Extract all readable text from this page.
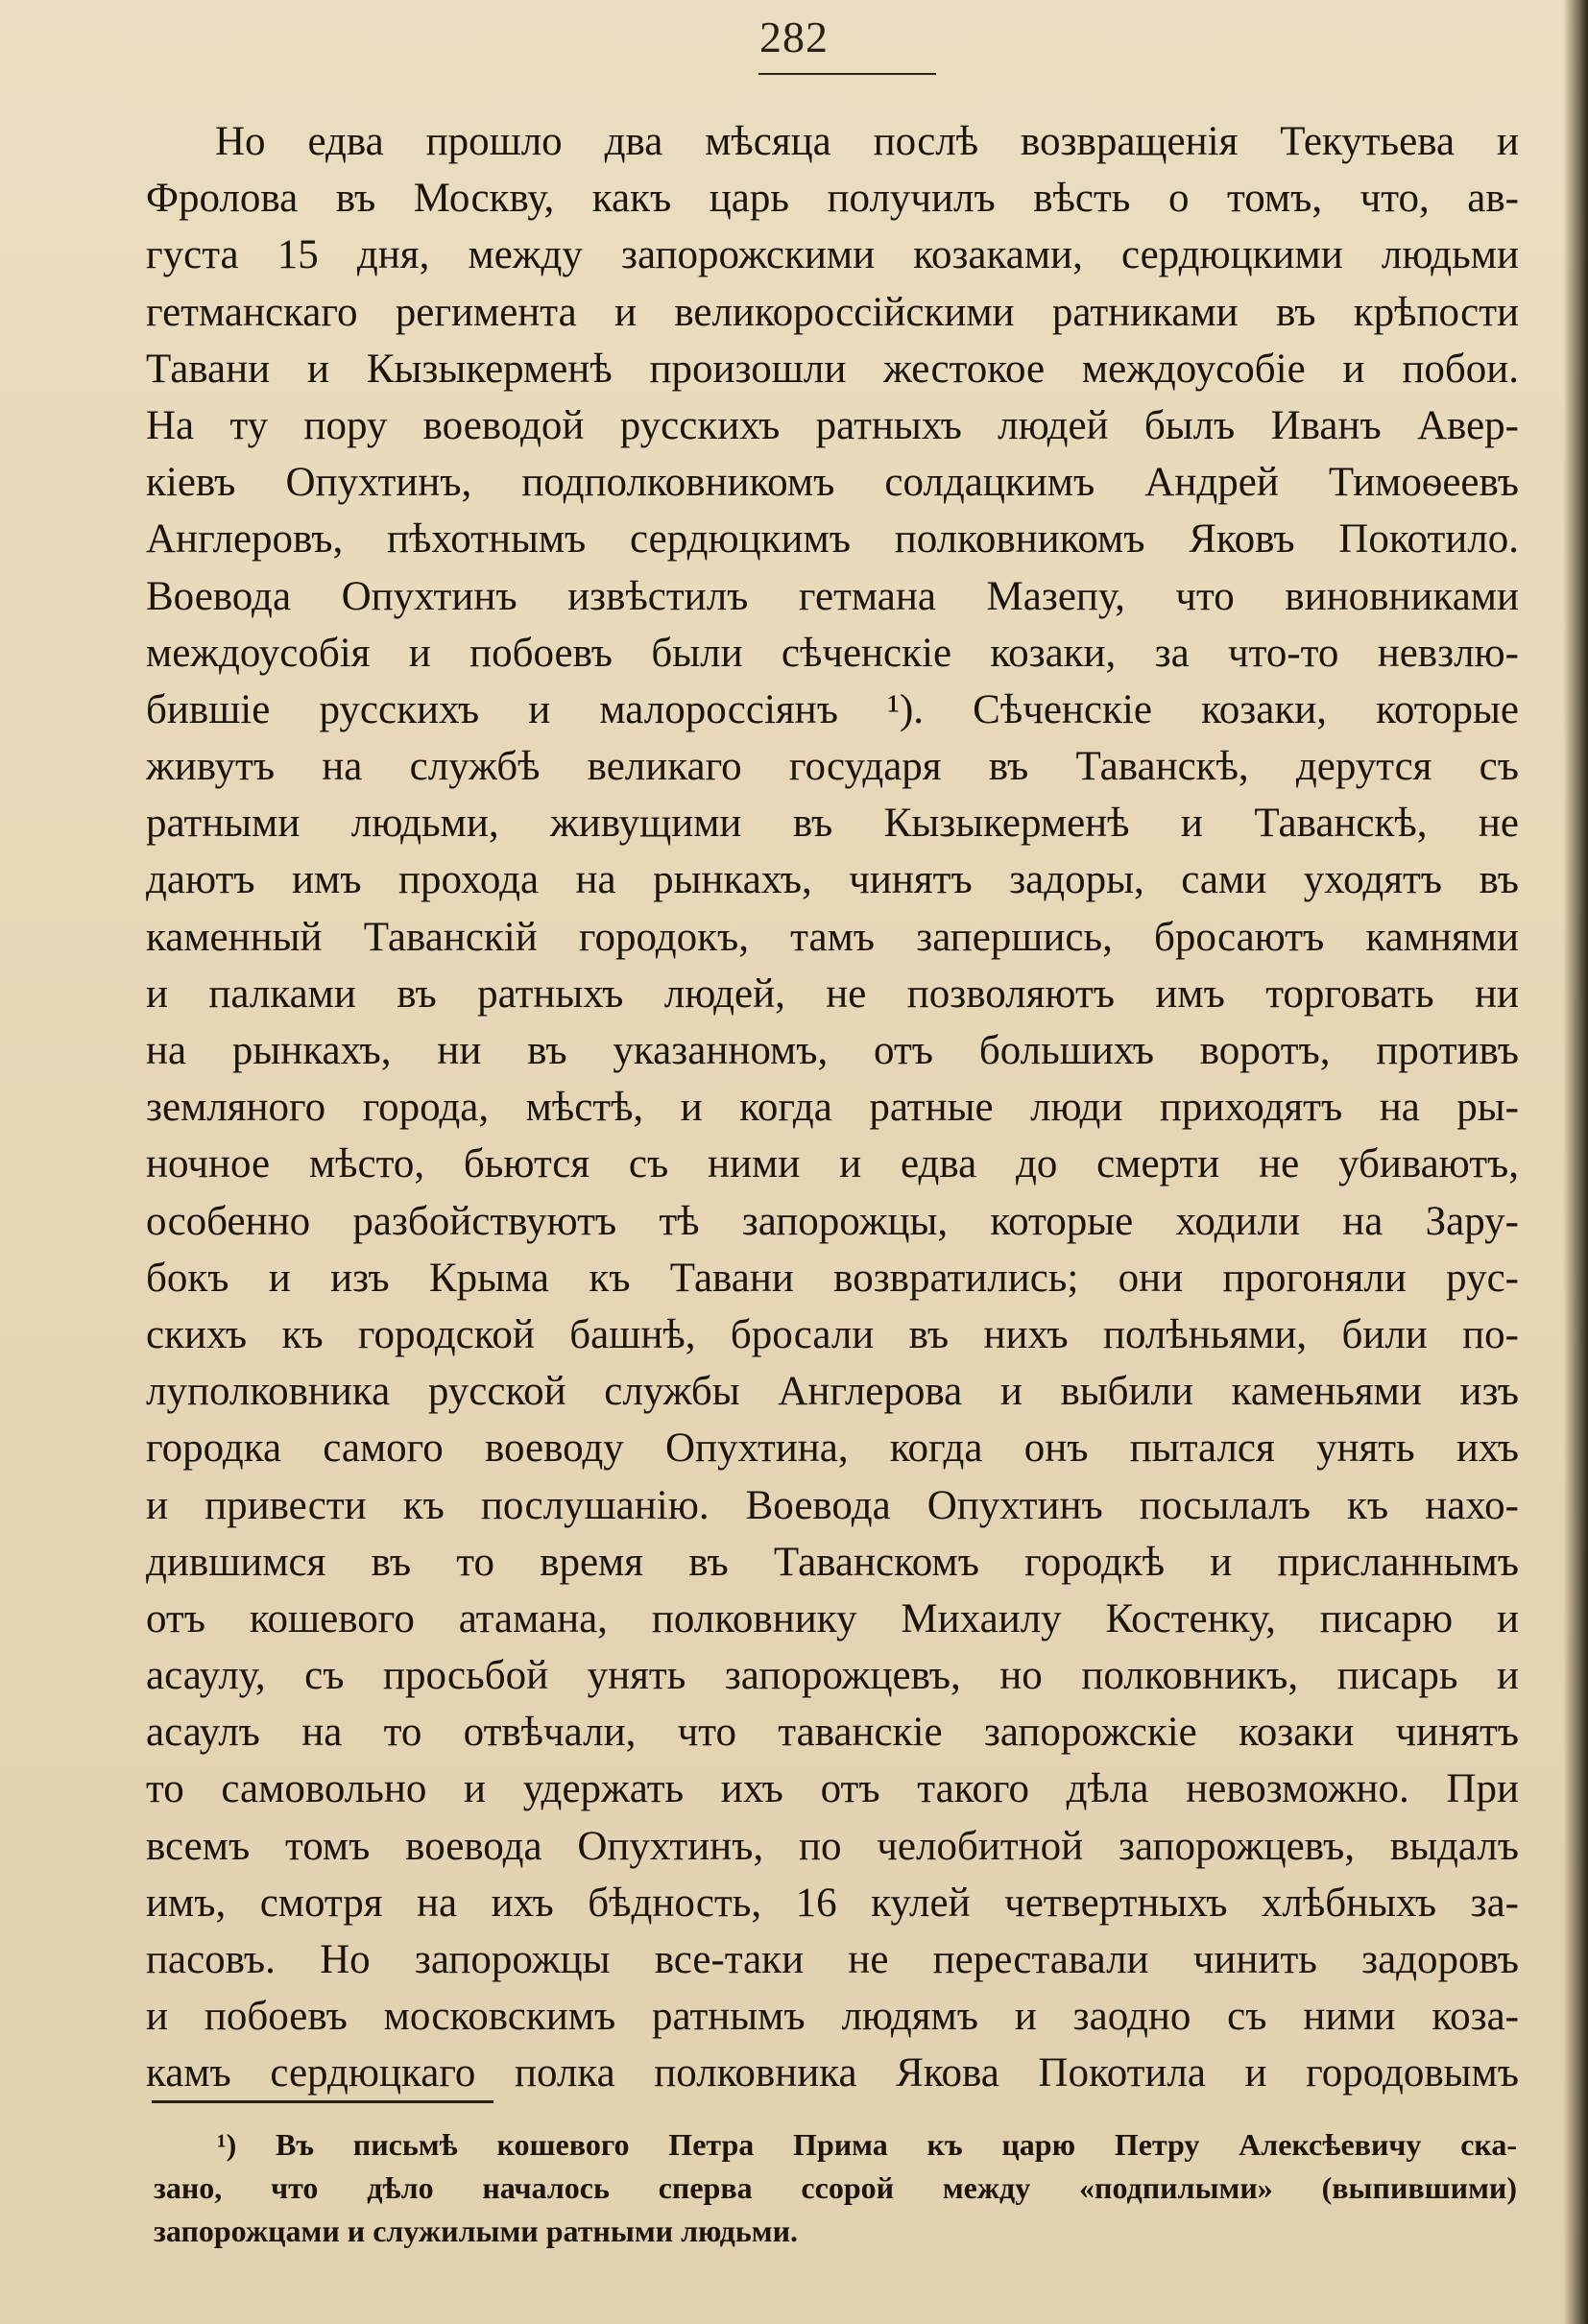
282
Но едва прошло два мѣсяца послѣ возвращенія Текутьева и
Фролова въ Москву, какъ царь получилъ вѣсть о томъ, что, ав-
густа 15 дня, между запорожскими козаками, сердюцкими людьми
гетманскаго регимента и великороссійскими ратниками въ крѣпости
Тавани и Кызыкерменѣ произошли жестокое междоусобіе и побои.
На ту пору воеводой русскихъ ратныхъ людей былъ Иванъ Авер-
кіевъ Опухтинъ, подполковникомъ солдацкимъ Андрей Тимоѳеевъ
Англеровъ, пѣхотнымъ сердюцкимъ полковникомъ Яковъ Покотило.
Воевода Опухтинъ извѣстилъ гетмана Мазепу, что виновниками
междоусобія и побоевъ были сѣченскіе козаки, за что-то невзлю-
бившіе русскихъ и малороссіянъ ¹). Сѣченскіе козаки, которые
живутъ на службѣ великаго государя въ Таванскѣ, дерутся съ
ратными людьми, живущими въ Кызыкерменѣ и Таванскѣ, не
даютъ имъ прохода на рынкахъ, чинятъ задоры, сами уходятъ въ
каменный Таванскій городокъ, тамъ запершись, бросаютъ камнями
и палками въ ратныхъ людей, не позволяютъ имъ торговать ни
на рынкахъ, ни въ указанномъ, отъ большихъ воротъ, противъ
земляного города, мѣстѣ, и когда ратные люди приходятъ на ры-
ночное мѣсто, бьются съ ними и едва до смерти не убиваютъ,
особенно разбойствуютъ тѣ запорожцы, которые ходили на Зару-
бокъ и изъ Крыма къ Тавани возвратились; они прогоняли рус-
скихъ къ городской башнѣ, бросали въ нихъ полѣньями, били по-
луполковника русской службы Англерова и выбили каменьями изъ
городка самого воеводу Опухтина, когда онъ пытался унять ихъ
и привести къ послушанію. Воевода Опухтинъ посылалъ къ нахо-
дившимся въ то время въ Таванскомъ городкѣ и присланнымъ
отъ кошевого атамана, полковнику Михаилу Костенку, писарю и
асаулу, съ просьбой унять запорожцевъ, но полковникъ, писарь и
асаулъ на то отвѣчали, что таванскіе запорожскіе козаки чинятъ
то самовольно и удержать ихъ отъ такого дѣла невозможно. При
всемъ томъ воевода Опухтинъ, по челобитной запорожцевъ, выдалъ
имъ, смотря на ихъ бѣдность, 16 кулей четвертныхъ хлѣбныхъ за-
пасовъ. Но запорожцы все-таки не переставали чинить задоровъ
и побоевъ московскимъ ратнымъ людямъ и заодно съ ними коза-
камъ сердюцкаго полка полковника Якова Покотила и городовымъ
¹) Въ письмѣ кошевого Петра Прима къ царю Петру Алексѣевичу ска-
зано, что дѣло началось сперва ссорой между «подпилыми» (выпившими)
запорожцами и служилыми ратными людьми.
